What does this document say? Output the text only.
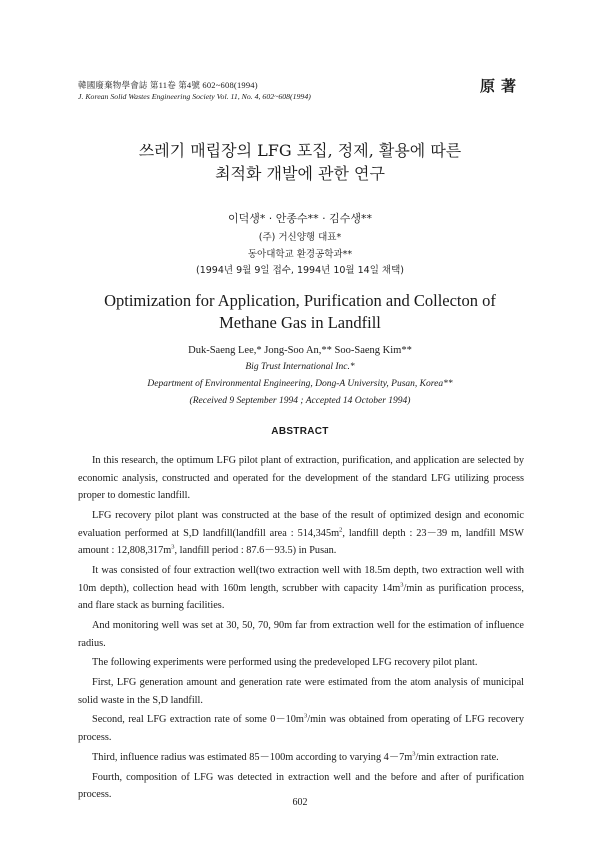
韓國廢棄物學會誌 第11卷 第4號 602~608(1994)
J. Korean Solid Wastes Engineering Society Vol. 11, No. 4, 602~608(1994)
原著
쓰레기 매립장의 LFG 포집, 정제, 활용에 따른
최적화 개발에 관한 연구
이덕생* · 안종수** · 김수생**
(주) 거신양행 대표*
동아대학교 환경공학과**
(1994년 9월 9일 접수, 1994년 10월 14일 채택)
Optimization for Application, Purification and Collecton of
Methane Gas in Landfill
Duk-Saeng Lee,* Jong-Soo An,** Soo-Saeng Kim**
Big Trust International Inc.*
Department of Environmental Engineering, Dong-A University, Pusan, Korea**
(Received 9 September 1994 ; Accepted 14 October 1994)
ABSTRACT

In this research, the optimum LFG pilot plant of extraction, purification, and application are selected by economic analysis, constructed and operated for the development of the standard LFG utilizing process proper to domestic landfill.

LFG recovery pilot plant was constructed at the base of the result of optimized design and economic evaluation performed at S,D landfill(landfill area : $514,345m^2$, landfill depth : 23－39 m, landfill MSW amount : $12,808,317m^3$, landfill period : 87.6－93.5) in Pusan.

It was consisted of four extraction well(two extraction well with 18.5m depth, two extraction well with 10m depth), collection head with 160m length, scrubber with capacity $14m^3/\min$ as purification process, and flare stack as burning facilities.

And monitoring well was set at 30, 50, 70, 90m far from extraction well for the estimation of influence radius.

The following experiments were performed using the predeveloped LFG recovery pilot plant.

First, LFG generation amount and generation rate were estimated from the atom analysis of municipal solid waste in the S,D landfill.

Second, real LFG extraction rate of some $0-10m^3/\min$ was obtained from operating of LFG recovery process.

Third, influence radius was estimated 85－100m according to varying $4-7m^3/\min$ extraction rate.

Fourth, composition of LFG was detected in extraction well and the before and after of purification process.

602
